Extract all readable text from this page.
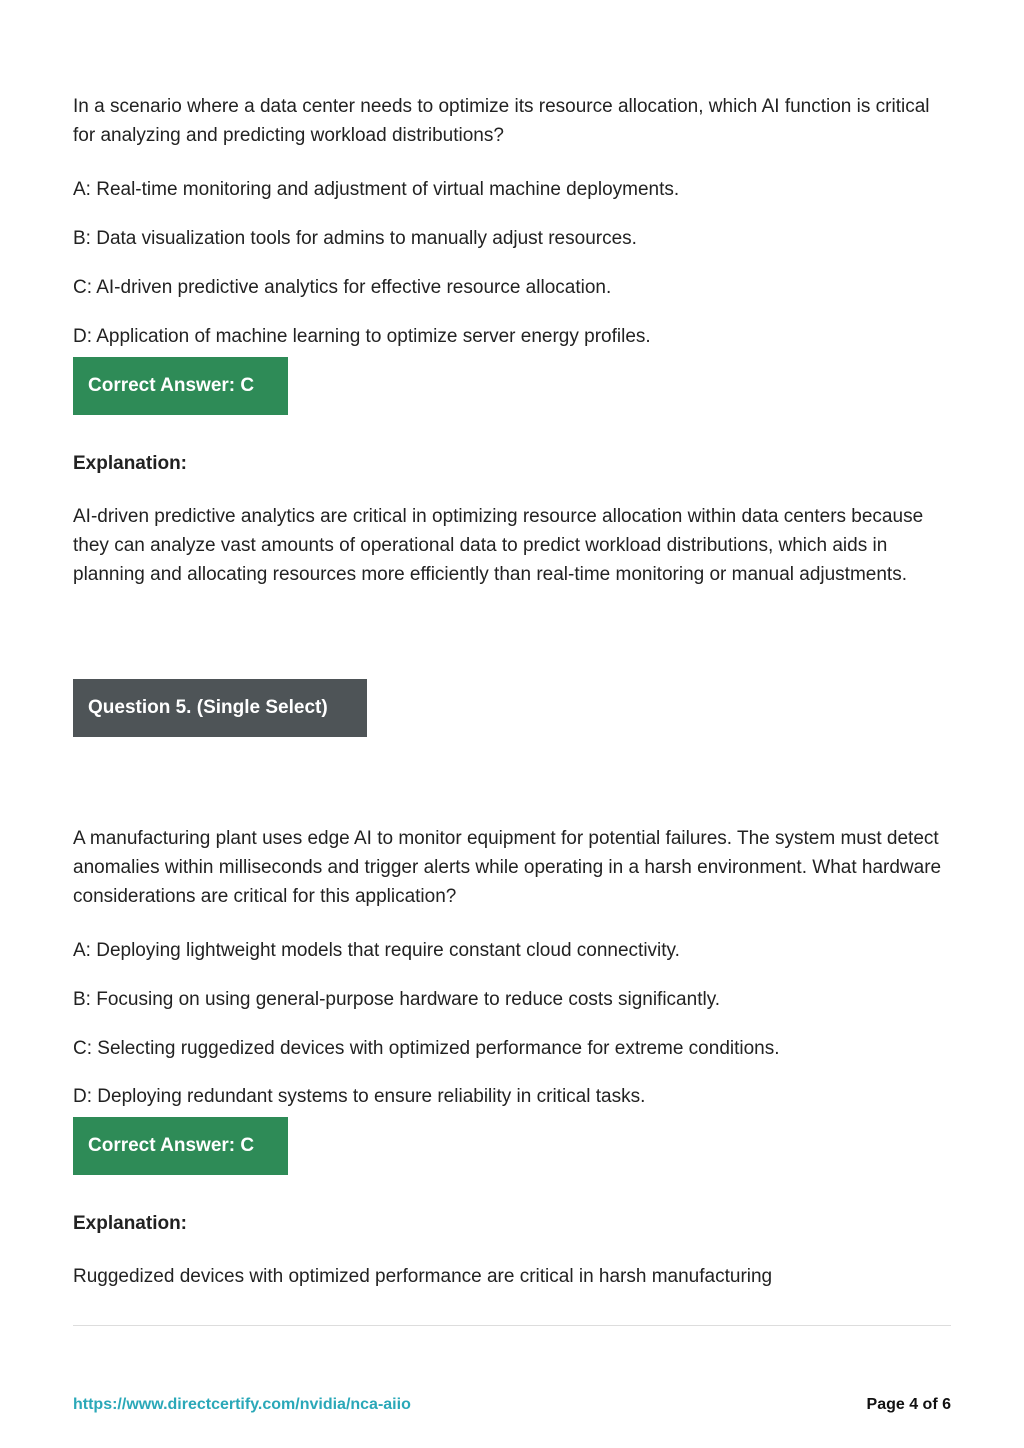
In a scenario where a data center needs to optimize its resource allocation, which AI function is critical for analyzing and predicting workload distributions?

A: Real-time monitoring and adjustment of virtual machine deployments.

B: Data visualization tools for admins to manually adjust resources.

C: AI-driven predictive analytics for effective resource allocation.

D: Application of machine learning to optimize server energy profiles.

Correct Answer: C

Explanation:

AI-driven predictive analytics are critical in optimizing resource allocation within data centers because they can analyze vast amounts of operational data to predict workload distributions, which aids in planning and allocating resources more efficiently than real-time monitoring or manual adjustments.

Question 5. (Single Select)

A manufacturing plant uses edge AI to monitor equipment for potential failures. The system must detect anomalies within milliseconds and trigger alerts while operating in a harsh environment. What hardware considerations are critical for this application?

A: Deploying lightweight models that require constant cloud connectivity.

B: Focusing on using general-purpose hardware to reduce costs significantly.

C: Selecting ruggedized devices with optimized performance for extreme conditions.

D: Deploying redundant systems to ensure reliability in critical tasks.

Correct Answer: C

Explanation:

Ruggedized devices with optimized performance are critical in harsh manufacturing

https://www.directcertify.com/nvidia/nca-aiio	Page 4 of 6
